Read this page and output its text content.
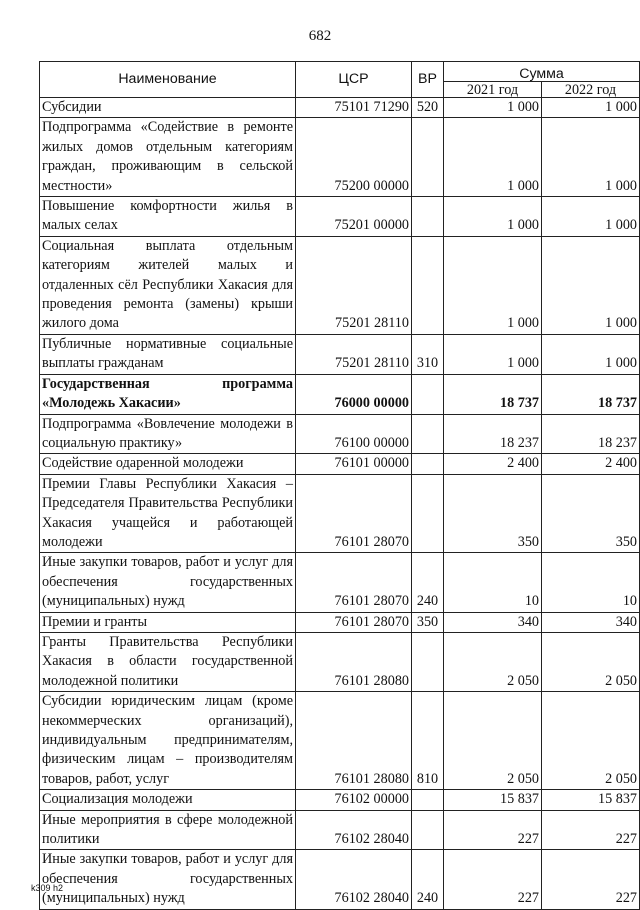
682
Наименование	ЦСР	ВР	Сумма	
			2021 год	2022 год
Субсидии	75101 71290	520	1 000	1 000
Подпрограмма «Содействие в ремонте жилых домов отдельным категориям граждан, проживающим в сельской местности»	75200 00000		1 000	1 000
Повышение комфортности жилья в малых селах	75201 00000		1 000	1 000
Социальная выплата отдельным категориям жителей малых и отдаленных сёл Республики Хакасия для проведения ремонта (замены) крыши жилого дома	75201 28110		1 000	1 000
Публичные нормативные социальные выплаты гражданам	75201 28110	310	1 000	1 000
Государственная программа «Молодежь Хакасии»	76000 00000		18 737	18 737
Подпрограмма «Вовлечение молодежи в социальную практику»	76100 00000		18 237	18 237
Содействие одаренной молодежи	76101 00000		2 400	2 400
Премии Главы Республики Хакасия – Председателя Правительства Республики Хакасия учащейся и работающей молодежи	76101 28070		350	350
Иные закупки товаров, работ и услуг для обеспечения государственных (муниципальных) нужд	76101 28070	240	10	10
Премии и гранты	76101 28070	350	340	340
Гранты Правительства Республики Хакасия в области государственной молодежной политики	76101 28080		2 050	2 050
Субсидии юридическим лицам (кроме некоммерческих организаций), индивидуальным предпринимателям, физическим лицам – производителям товаров, работ, услуг	76101 28080	810	2 050	2 050
Социализация молодежи	76102 00000		15 837	15 837
Иные мероприятия в сфере молодежной политики	76102 28040		227	227
Иные закупки товаров, работ и услуг для обеспечения государственных (муниципальных) нужд	76102 28040	240	227	227
k309 h2
